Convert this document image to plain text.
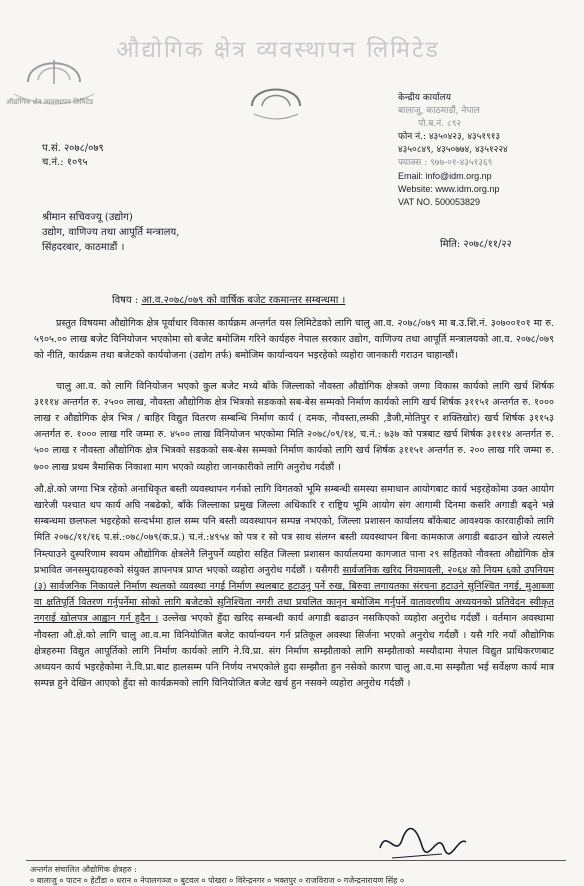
औद्योगिक क्षेत्र व्यवस्थापन लिमिटेड
औद्योगिक क्षेत्र व्यवस्थापन लिमिटेड
केन्द्रीय कार्यालय
बालाजु, काठमाडौं, नेपाल
पो.ब.नं. ८९२
फोन नं.: ४३५०४२३, ४३५१९१३
४३५०८४९, ४३५०७७४, ४३५१२२४
फ्याक्स : ९७७-०१-४३५१३६९
Email: info@idm.org.np
Website: www.idm.org.np
VAT NO. 500053829
प.सं. २०७८/०७९
च.नं.: १०९५
श्रीमान सचिवज्यू (उद्योग)
उद्योग, वाणिज्य तथा आपूर्ति मन्त्रालय,
सिंहदरबार, काठमाडौं ।	मिति: २०७८/११/२२
विषय : आ.व.२०७८/०७९ को वार्षिक बजेट रकमान्तर सम्बन्धमा ।

प्रस्तुत विषयमा औद्योगिक क्षेत्र पूर्वाधार विकास कार्यक्रम अन्तर्गत यस लिमिटेडको लागि चालु आ.व. २०७८/०७९ मा ब.उ.शि.नं. ३०७००१०१ मा रु. ५९०५.०० लाख बजेट विनियोजन भएकोमा सो बजेट बमोजिम गरिने कार्यहरु नेपाल सरकार उद्योग, वाणिज्य तथा आपूर्ति मन्त्रालयको आ.व. २०७८/०७९ को नीति, कार्यक्रम तथा बजेटको कार्ययोजना (उद्योग तर्फ) बमोजिम कार्यान्वयन भइरहेको व्यहोरा जानकारी गराउन चाहान्छौं।

चालु आ.व. को लागि विनियोजन भएको कुल बजेट मध्ये बाँके जिल्लाको नौवस्ता औद्योगिक क्षेत्रको जग्गा विकास कार्यको लागि खर्च शिर्षक ३१११४ अन्तर्गत रु. २५०० लाख, नौवस्ता औद्योगिक क्षेत्र भित्रको सडकको सब-बेस सम्मको निर्माण कार्यको लागि खर्च शिर्षक ३११५१ अन्तर्गत रु. १००० लाख र औद्योगिक क्षेत्र भित्र / बाहिर विद्युत वितरण सम्बन्धि निर्माण कार्य ( दमक, नौवस्ता,लम्की ,डैजी,मोतिपुर र शक्तिखोर) खर्च शिर्षक ३११५३ अन्तर्गत रु. १००० लाख गरि जम्मा रु. ४५०० लाख विनियोजन भएकोमा मिति २०७८/०९/१४, च.नं.: ७३७ को पत्रबाट खर्च शिर्षक ३१११४ अन्तर्गत रु. ५०० लाख र नौवस्ता औद्योगिक क्षेत्र भित्रको सडकको सब-बेस सम्मको निर्माण कार्यको लागि खर्च शिर्षक ३११५१ अन्तर्गत रु. २०० लाख गरि जम्मा रु. ७०० लाख प्रथम त्रैमासिक निकाशा माग भएको व्यहोरा जानकारीको लागि अनुरोध गर्दछौं ।

औ.क्षे.को जग्गा भित्र रहेको अनाधिकृत बस्ती व्यवस्थापन गर्नको लागि विगतको भूमि सम्बन्धी समस्या समाधान आयोगबाट कार्य भइरहेकोमा उक्त आयोग खारेजी पश्चात थप कार्य अघि नबढेको, बाँके जिल्लाका प्रमुख जिल्ला अधिकारि र राष्ट्रिय भूमि आयोग संग आगामी दिनमा कसरि अगाडी बढ्ने भन्ने सम्बन्धमा छलफल भइरहेको सन्दर्भमा हाल सम्म पनि बस्ती व्यवस्थापन सम्पन्न नभएको, जिल्ला प्रशासन कार्यालय बाँकेबाट आवश्यक कारवाहीको लागि मिति २०७८/११/१६ प.सं.:०७८/०७९(क.प्र.) च.नं.:४९५४ को पत्र र सो पत्र साथ संलग्न बस्ती व्यवस्थापन बिना कामकाज अगाडी बढाउन खोजे त्यसले निम्त्याउने दुस्परिणाम स्वयम औद्योगिक क्षेत्रलेनै लिनुपर्ने व्यहोरा सहित जिल्ला प्रशासन कार्यालयमा कागजात पाना २९ सहितको नौवस्ता औद्योगिक क्षेत्र प्रभावित जनसमुदायहरुको संयुक्त ज्ञापनपत्र प्राप्त भएको व्यहोरा अनुरोध गर्दछौं । यसैगरी सार्वजनिक खरिद नियमावली, २०६४ को नियम ६को उपनियम (३) सार्वजनिक निकायले निर्माण स्थलको व्यवस्था नगई निर्माण स्थलबाट हटाउनु पर्ने रुख, बिरुवा लगायतका संरचना हटाउने सुनिश्चित नगई, मुआब्जा वा क्षतिपूर्ति वितरण गर्नुपर्नेमा सोको लागि बजेटको सुनिश्चिता नगरी तथा प्रचलित कानुन बमोजिम गर्नुपर्ने वातावरणीय अध्ययनको प्रतिवेदन स्वीकृत नगराई खोलपत्र आह्वान गर्न हुदैन । उल्लेख भएको हुँदा खरिद सम्बन्धी कार्य अगाडी बढाउन नसकिएको व्यहोरा अनुरोध गर्दछौं । वर्तमान अवस्थामा नौवस्ता औ.क्षे.को लागि चालु आ.व.मा विनियोजित बजेट कार्यान्वयन गर्न प्रतिकूल अवस्था सिर्जना भएको अनुरोध गर्दछौं । यसै गरि नयाँ औद्योगिक क्षेत्रहरुमा विद्युत आपूर्तिको लागि निर्माण कार्यको लागि ने.वि.प्रा. संग निर्माण सम्झौताको लागि सम्झौताको मस्यौदामा नेपाल विद्युत प्राधिकरणबाट अध्ययन कार्य भइरहेकोमा ने.वि.प्रा.बाट हालसम्म पनि निर्णय नभएकोले हुदा सम्झौता हुन नसेको कारण चालु आ.व.मा सम्झौता भई सर्वेक्षण कार्य मात्र सम्पन्न हुने देखिन आएको हुँदा सो कार्यक्रमको लागि विनियोजित बजेट खर्च हुन नसक्ने व्यहोरा अनुरोध गर्दछौं ।

अन्तर्गत संचालित औद्योगिक क्षेत्रहरु :
० बालाजु ० पाटन ० हेटौंडा ० धरान ० नेपालगञ्ज ० बुटवल ० पोखरा ० विरेन्द्रनगर ० भक्तपुर ० राजविराज ० गजेन्द्रनारायण सिंह ०
